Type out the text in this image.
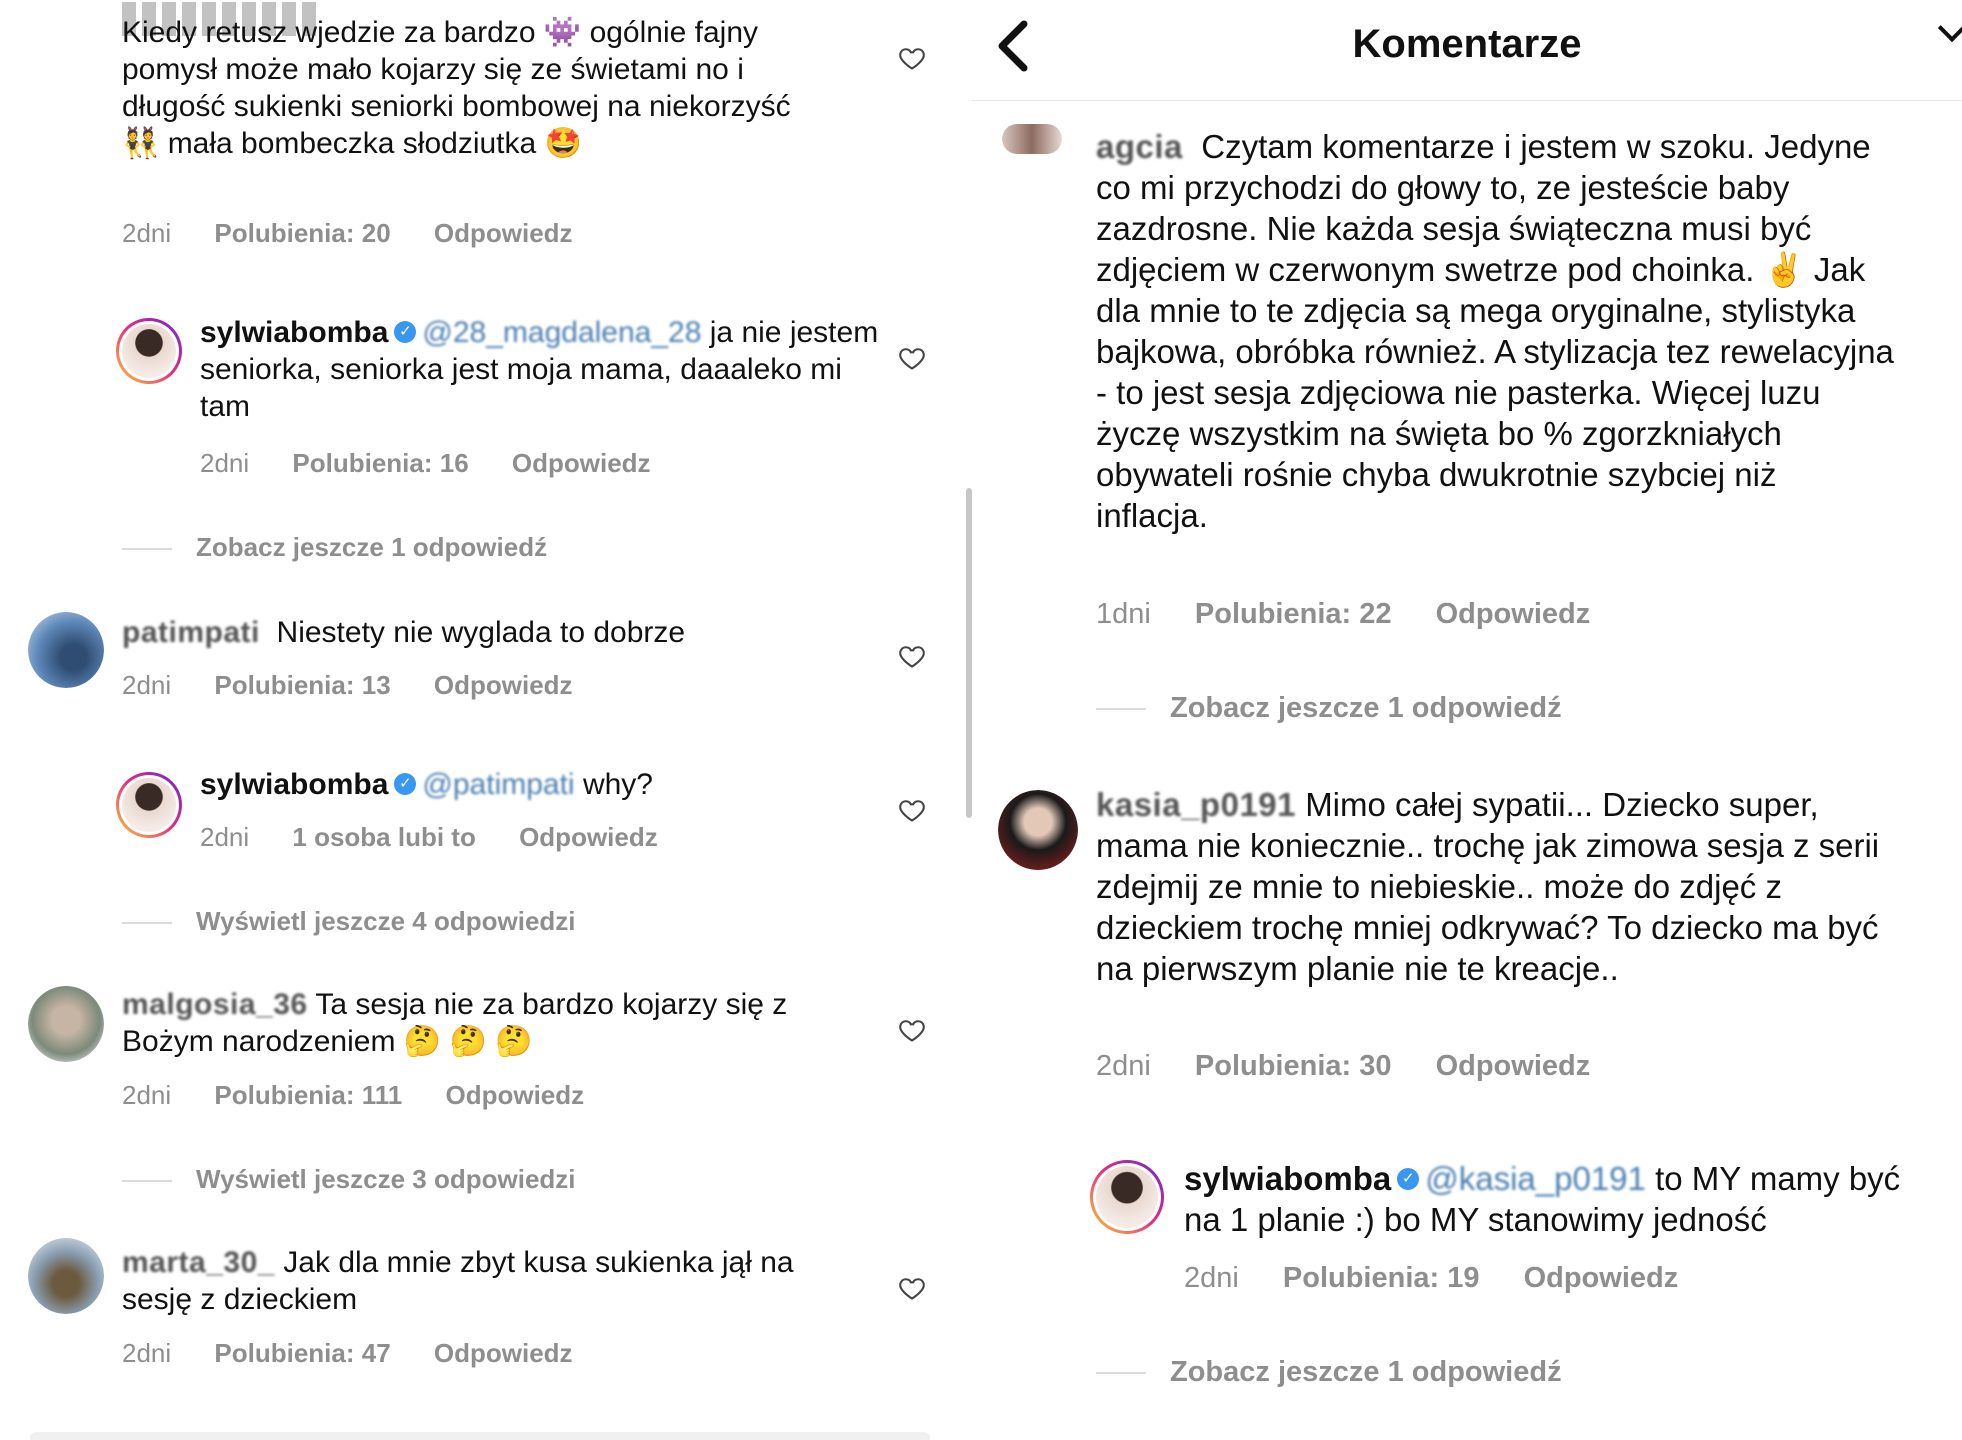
Kiedy retusz wjedzie za bardzo 👾 ogólnie fajny pomysł może mało kojarzy się ze świetami no i długość sukienki seniorki bombowej na niekorzyść 👯 mała bombeczka słodziutka 🤩
2dni Polubienia: 20 Odpowiedz
sylwiabomba ✓ @28_magdalena_28 ja nie jestem seniorka, seniorka jest moja mama, daaaleko mi tam
2dni Polubienia: 16 Odpowiedz
Zobacz jeszcze 1 odpowiedź
patimpati Niestety nie wyglada to dobrze
2dni Polubienia: 13 Odpowiedz
sylwiabomba ✓ @patimpati why?
2dni 1 osoba lubi to Odpowiedz
Wyświetl jeszcze 4 odpowiedzi
malgosia_36 Ta sesja nie za bardzo kojarzy się z Bożym narodzeniem 🤔 🤔 🤔
2dni Polubienia: 111 Odpowiedz
Wyświetl jeszcze 3 odpowiedzi
marta_30_ Jak dla mnie zbyt kusa sukienka jął na sesję z dzieckiem
2dni Polubienia: 47 Odpowiedz
Komentarze
agcia Czytam komentarze i jestem w szoku. Jedyne co mi przychodzi do głowy to, ze jesteście baby zazdrosne. Nie każda sesja świąteczna musi być zdjęciem w czerwonym swetrze pod choinka. ✌️ Jak dla mnie to te zdjęcia są mega oryginalne, stylistyka bajkowa, obróbka również. A stylizacja tez rewelacyjna - to jest sesja zdjęciowa nie pasterka. Więcej luzu życzę wszystkim na święta bo % zgorzkniałych obywateli rośnie chyba dwukrotnie szybciej niż inflacja.
1dni Polubienia: 22 Odpowiedz
Zobacz jeszcze 1 odpowiedź
kasia_p0191 Mimo całej sypatii... Dziecko super, mama nie koniecznie.. trochę jak zimowa sesja z serii zdejmij ze mnie to niebieskie.. może do zdjęć z dzieckiem trochę mniej odkrywać? To dziecko ma być na pierwszym planie nie te kreacje..
2dni Polubienia: 30 Odpowiedz
sylwiabomba ✓ @kasia_p0191 to MY mamy być na 1 planie :) bo MY stanowimy jedność
2dni Polubienia: 19 Odpowiedz
Zobacz jeszcze 1 odpowiedź
